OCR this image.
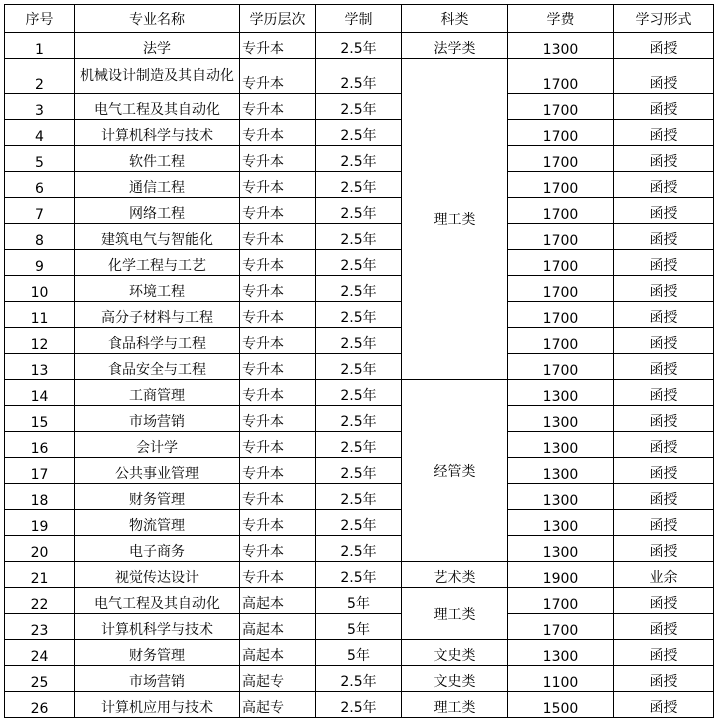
序号	专业名称	学历层次	学制	科类	学费	学习形式
1	法学	专升本	2.5年	法学类	1300	函授
2	机械设计制造及其自动化	专升本	2.5年	理工类	1700	函授
3	电气工程及其自动化	专升本	2.5年		1700	函授
4	计算机科学与技术	专升本	2.5年		1700	函授
5	软件工程	专升本	2.5年		1700	函授
6	通信工程	专升本	2.5年		1700	函授
7	网络工程	专升本	2.5年		1700	函授
8	建筑电气与智能化	专升本	2.5年		1700	函授
9	化学工程与工艺	专升本	2.5年		1700	函授
10	环境工程	专升本	2.5年		1700	函授
11	高分子材料与工程	专升本	2.5年		1700	函授
12	食品科学与工程	专升本	2.5年		1700	函授
13	食品安全与工程	专升本	2.5年		1700	函授
14	工商管理	专升本	2.5年	经管类	1300	函授
15	市场营销	专升本	2.5年		1300	函授
16	会计学	专升本	2.5年		1300	函授
17	公共事业管理	专升本	2.5年		1300	函授
18	财务管理	专升本	2.5年		1300	函授
19	物流管理	专升本	2.5年		1300	函授
20	电子商务	专升本	2.5年		1300	函授
21	视觉传达设计	专升本	2.5年	艺术类	1900	业余
22	电气工程及其自动化	高起本	5年	理工类	1700	函授
23	计算机科学与技术	高起本	5年		1700	函授
24	财务管理	高起本	5年	文史类	1300	函授
25	市场营销	高起专	2.5年	文史类	1100	函授
26	计算机应用与技术	高起专	2.5年	理工类	1500	函授
